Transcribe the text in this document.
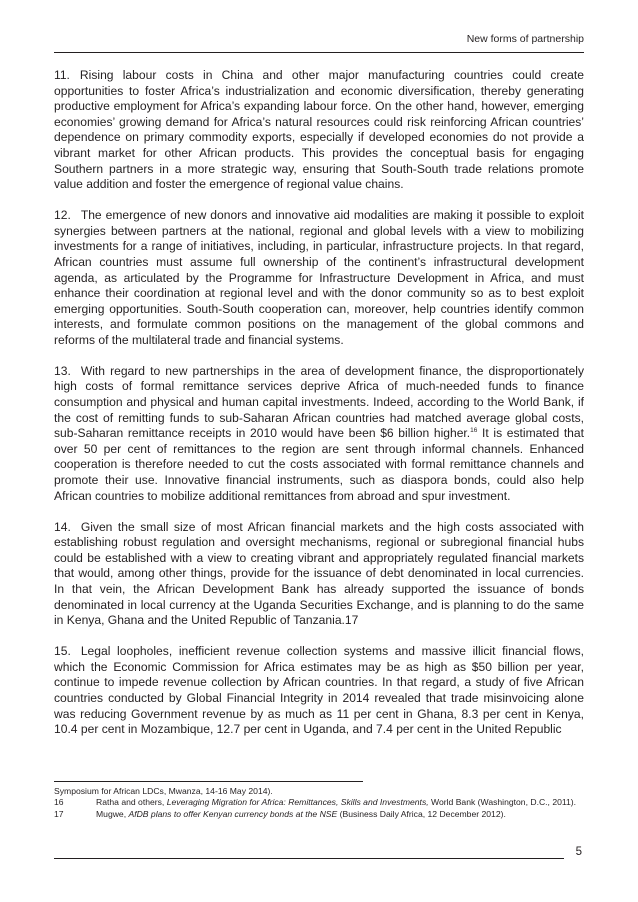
New forms of partnership

11. Rising labour costs in China and other major manufacturing countries could create opportunities to foster Africa’s industrialization and economic diversification, thereby generating productive employment for Africa’s expanding labour force. On the other hand, however, emerging economies’ growing demand for Africa’s natural resources could risk reinforcing African countries’ dependence on primary commodity exports, especially if developed economies do not provide a vibrant market for other African products. This provides the conceptual basis for engaging Southern partners in a more strategic way, ensuring that South-South trade relations promote value addition and foster the emergence of regional value chains.

12. The emergence of new donors and innovative aid modalities are making it possible to exploit synergies between partners at the national, regional and global levels with a view to mobilizing investments for a range of initiatives, including, in particular, infrastructure projects. In that regard, African countries must assume full ownership of the continent’s infrastructural development agenda, as articulated by the Programme for Infrastructure Development in Africa, and must enhance their coordination at regional level and with the donor community so as to best exploit emerging opportunities. South-South cooperation can, moreover, help countries identify common interests, and formulate common positions on the management of the global commons and reforms of the multilateral trade and financial systems.

13. With regard to new partnerships in the area of development finance, the disproportionately high costs of formal remittance services deprive Africa of much-needed funds to finance consumption and physical and human capital investments. Indeed, according to the World Bank, if the cost of remitting funds to sub-Saharan African countries had matched average global costs, sub-Saharan remittance receipts in 2010 would have been $6 billion higher.$^{16}$ It is estimated that over 50 per cent of remittances to the region are sent through informal channels. Enhanced cooperation is therefore needed to cut the costs associated with formal remittance channels and promote their use. Innovative financial instruments, such as diaspora bonds, could also help African countries to mobilize additional remittances from abroad and spur investment.

14. Given the small size of most African financial markets and the high costs associated with establishing robust regulation and oversight mechanisms, regional or subregional financial hubs could be established with a view to creating vibrant and appropriately regulated financial markets that would, among other things, provide for the issuance of debt denominated in local currencies. In that vein, the African Development Bank has already supported the issuance of bonds denominated in local currency at the Uganda Securities Exchange, and is planning to do the same in Kenya, Ghana and the United Republic of Tanzania.17

15. Legal loopholes, inefficient revenue collection systems and massive illicit financial flows, which the Economic Commission for Africa estimates may be as high as $50 billion per year, continue to impede revenue collection by African countries. In that regard, a study of five African countries conducted by Global Financial Integrity in 2014 revealed that trade misinvoicing alone was reducing Government revenue by as much as 11 per cent in Ghana, 8.3 per cent in Kenya, 10.4 per cent in Mozambique, 12.7 per cent in Uganda, and 7.4 per cent in the United Republic

Symposium for African LDCs, Mwanza, 14-16 May 2014).

16	Ratha and others, Leveraging Migration for Africa: Remittances, Skills and Investments, World Bank (Washington, D.C., 2011).

17	Mugwe, AfDB plans to offer Kenyan currency bonds at the NSE (Business Daily Africa, 12 December 2012).

5
